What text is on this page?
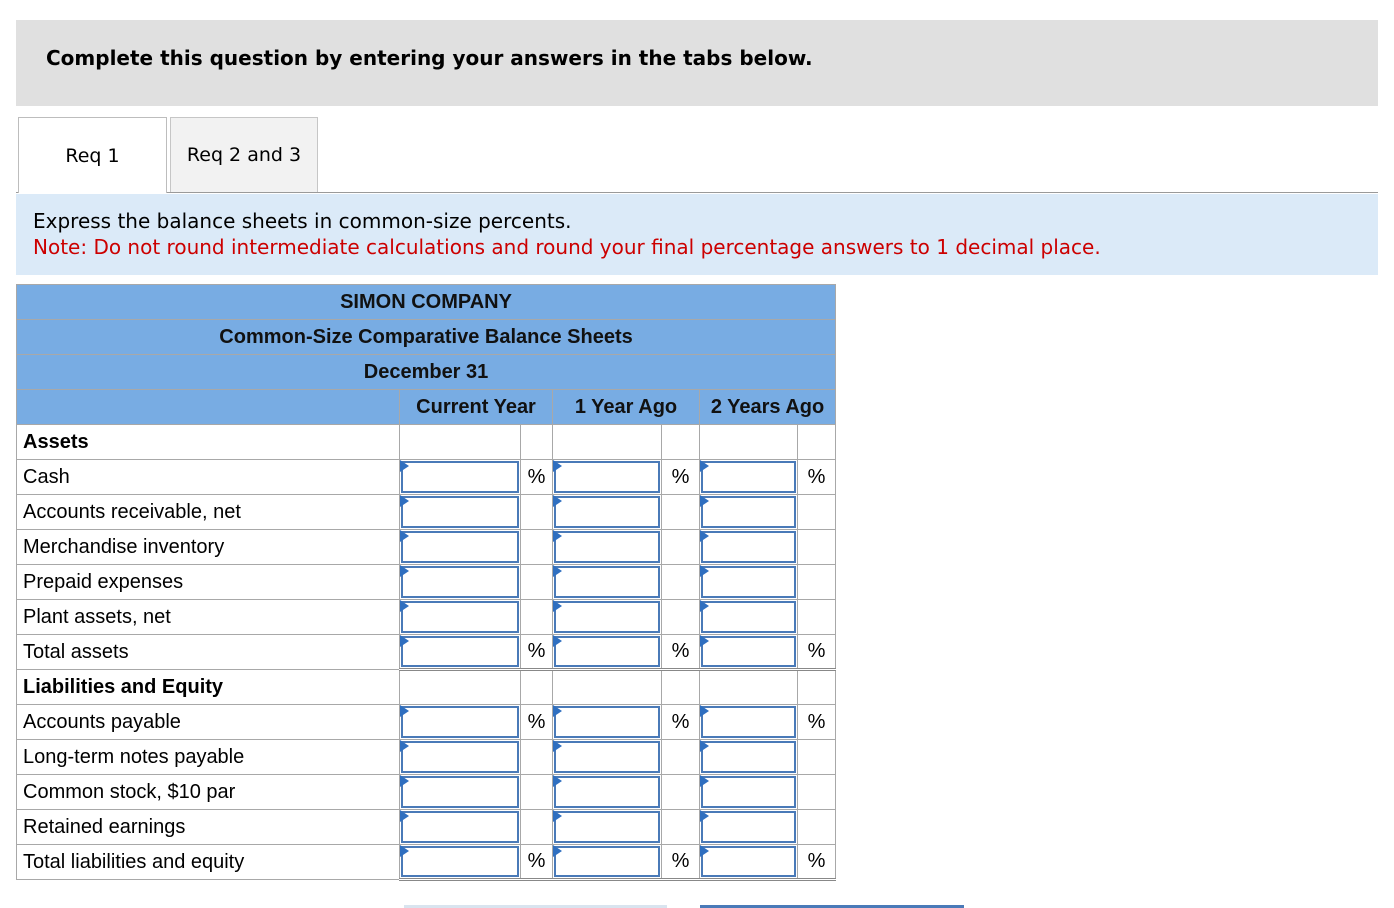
Complete this question by entering your answers in the tabs below.
Req 1	Req 2 and 3
Express the balance sheets in common-size percents.
Note: Do not round intermediate calculations and round your final percentage answers to 1 decimal place.
SIMON COMPANY						
Common-Size Comparative Balance Sheets						
December 31						
	Current Year		1 Year Ago		2 Years Ago	
Assets						
Cash		%		%		%
Accounts receivable, net	

Merchandise inventory	

Prepaid expenses	

Plant assets, net	

Total assets		%		%		%
Liabilities and Equity						
Accounts payable		%		%		%
Long-term notes payable	

Common stock, $10 par	

Retained earnings	

Total liabilities and equity		%		%		%
